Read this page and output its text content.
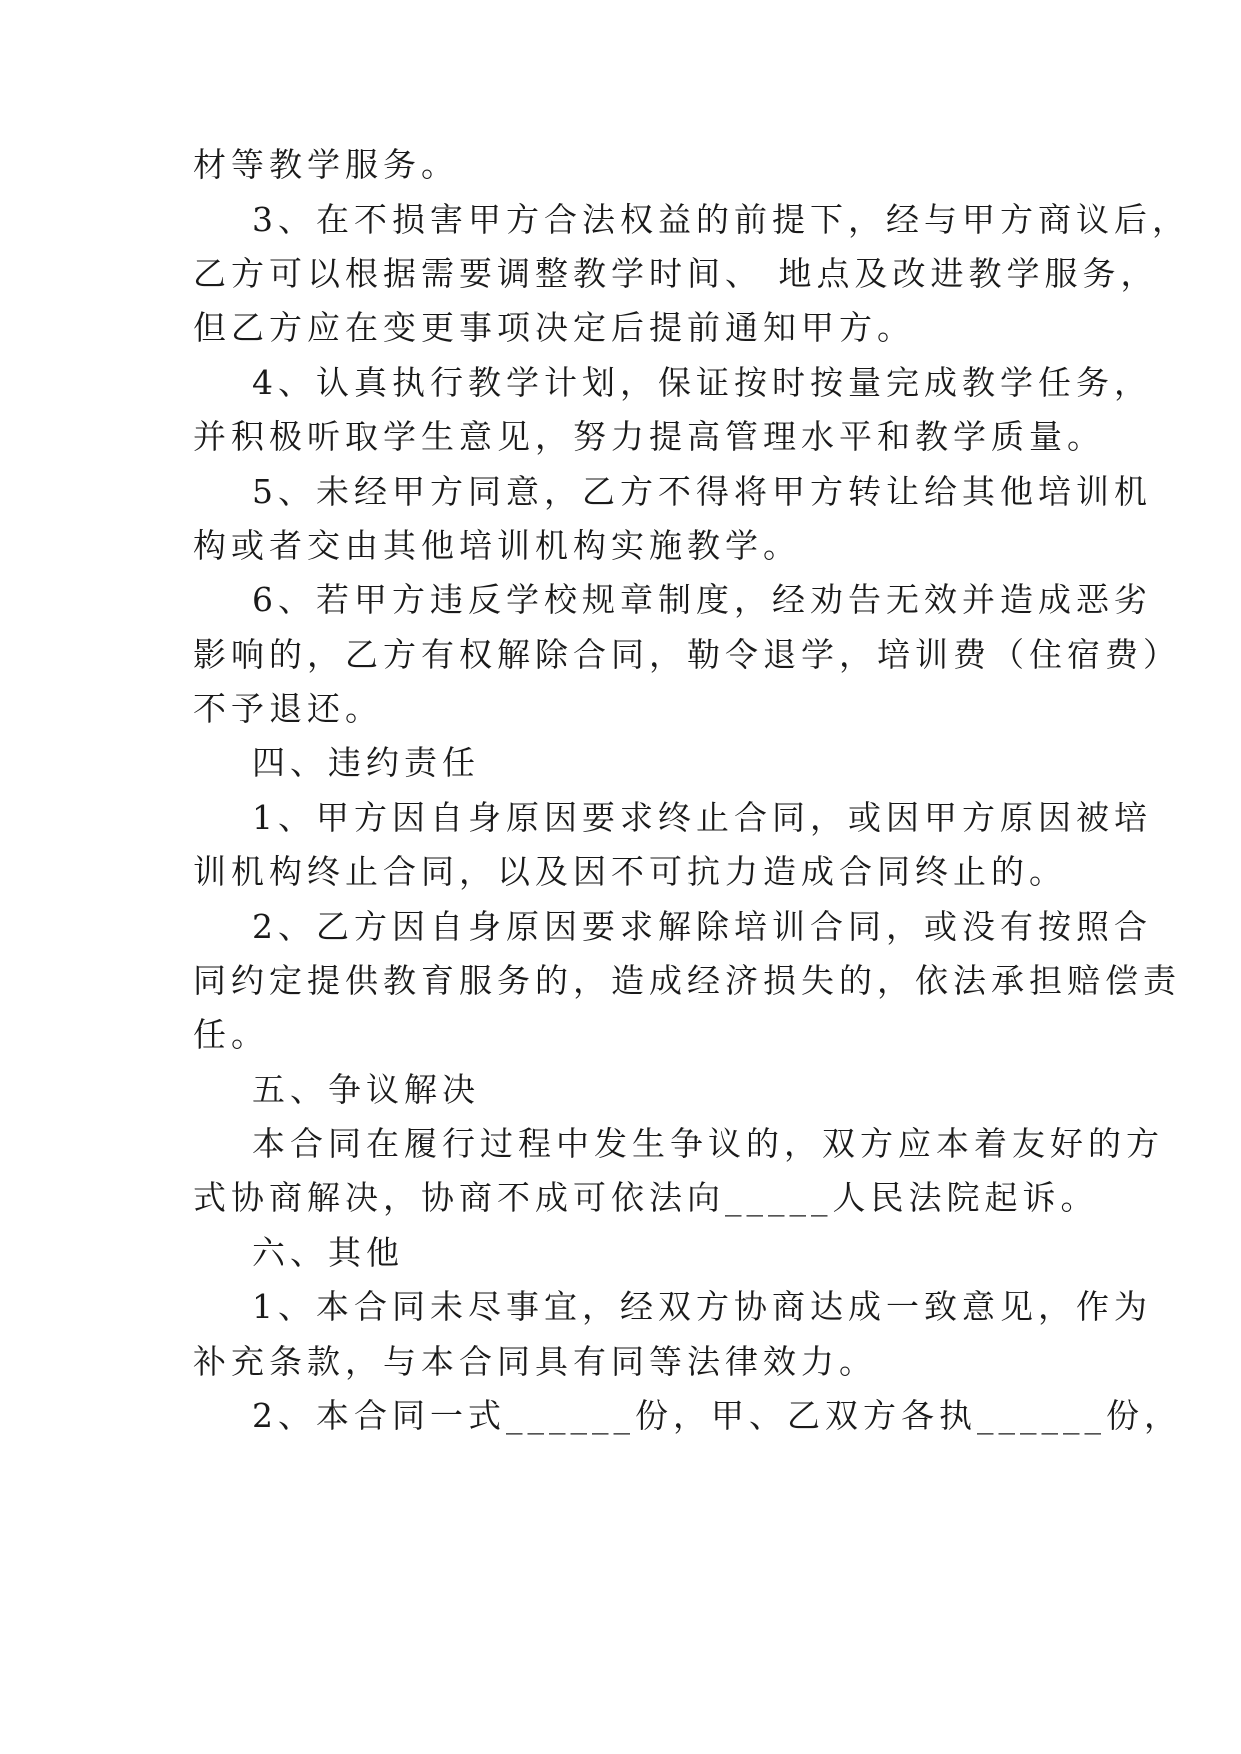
材等教学服务。
3、在不损害甲方合法权益的前提下，经与甲方商议后，
乙方可以根据需要调整教学时间、 地点及改进教学服务，
但乙方应在变更事项决定后提前通知甲方。
4、认真执行教学计划，保证按时按量完成教学任务，
并积极听取学生意见，努力提高管理水平和教学质量。
5、未经甲方同意，乙方不得将甲方转让给其他培训机
构或者交由其他培训机构实施教学。
6、若甲方违反学校规章制度，经劝告无效并造成恶劣
影响的，乙方有权解除合同，勒令退学，培训费（住宿费）
不予退还。
四、违约责任
1、甲方因自身原因要求终止合同，或因甲方原因被培
训机构终止合同，以及因不可抗力造成合同终止的。
2、乙方因自身原因要求解除培训合同，或没有按照合
同约定提供教育服务的，造成经济损失的，依法承担赔偿责
任。
五、争议解决
本合同在履行过程中发生争议的，双方应本着友好的方
式协商解决，协商不成可依法向_____人民法院起诉。
六、其他
1、本合同未尽事宜，经双方协商达成一致意见，作为
补充条款，与本合同具有同等法律效力。
2、本合同一式______份，甲、乙双方各执______份，
